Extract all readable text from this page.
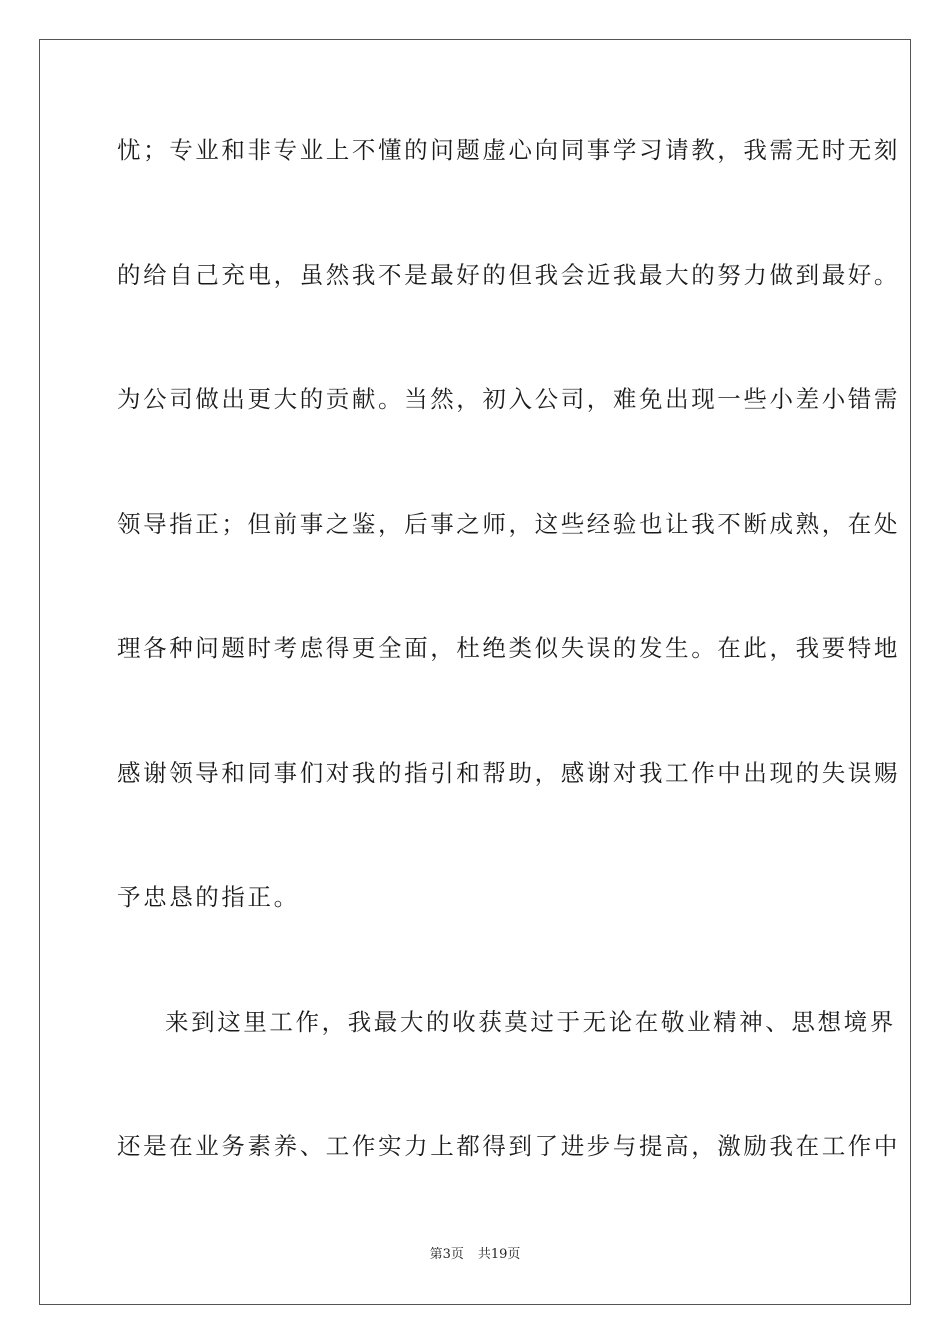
忧；专业和非专业上不懂的问题虚心向同事学习请教，我需无时无刻
的给自己充电，虽然我不是最好的但我会近我最大的努力做到最好。
为公司做出更大的贡献。当然，初入公司，难免出现一些小差小错需
领导指正；但前事之鉴，后事之师，这些经验也让我不断成熟，在处
理各种问题时考虑得更全面，杜绝类似失误的发生。在此，我要特地
感谢领导和同事们对我的指引和帮助，感谢对我工作中出现的失误赐
予忠恳的指正。
来到这里工作，我最大的收获莫过于无论在敬业精神、思想境界
还是在业务素养、工作实力上都得到了进步与提高，激励我在工作中
第3页 共19页
